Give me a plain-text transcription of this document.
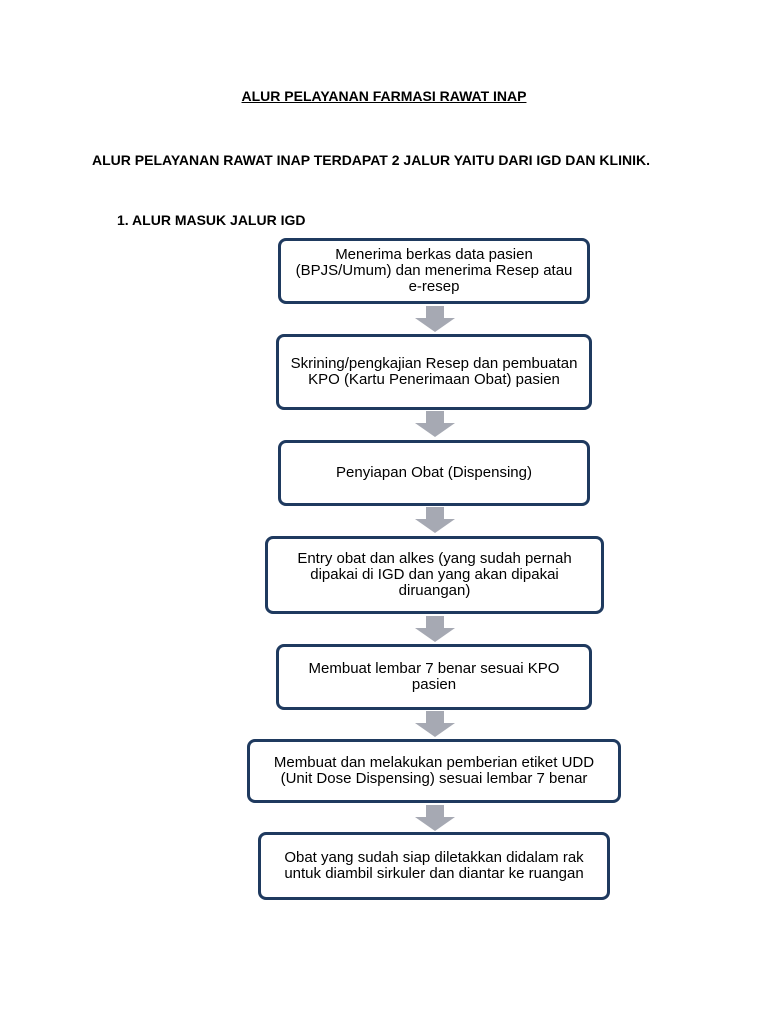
ALUR PELAYANAN FARMASI RAWAT INAP
ALUR PELAYANAN RAWAT INAP TERDAPAT 2 JALUR YAITU DARI IGD DAN KLINIK.
1. ALUR MASUK JALUR IGD
Menerima berkas data pasien (BPJS/Umum) dan menerima Resep atau e-resep
Skrining/pengkajian Resep dan pembuatan KPO (Kartu Penerimaan Obat) pasien
Penyiapan Obat (Dispensing)
Entry obat dan alkes (yang sudah pernah dipakai di IGD dan yang akan dipakai diruangan)
Membuat lembar 7 benar sesuai KPO pasien
Membuat dan melakukan pemberian etiket UDD (Unit Dose Dispensing) sesuai lembar 7 benar
Obat yang sudah siap diletakkan didalam rak untuk diambil sirkuler dan diantar ke ruangan
